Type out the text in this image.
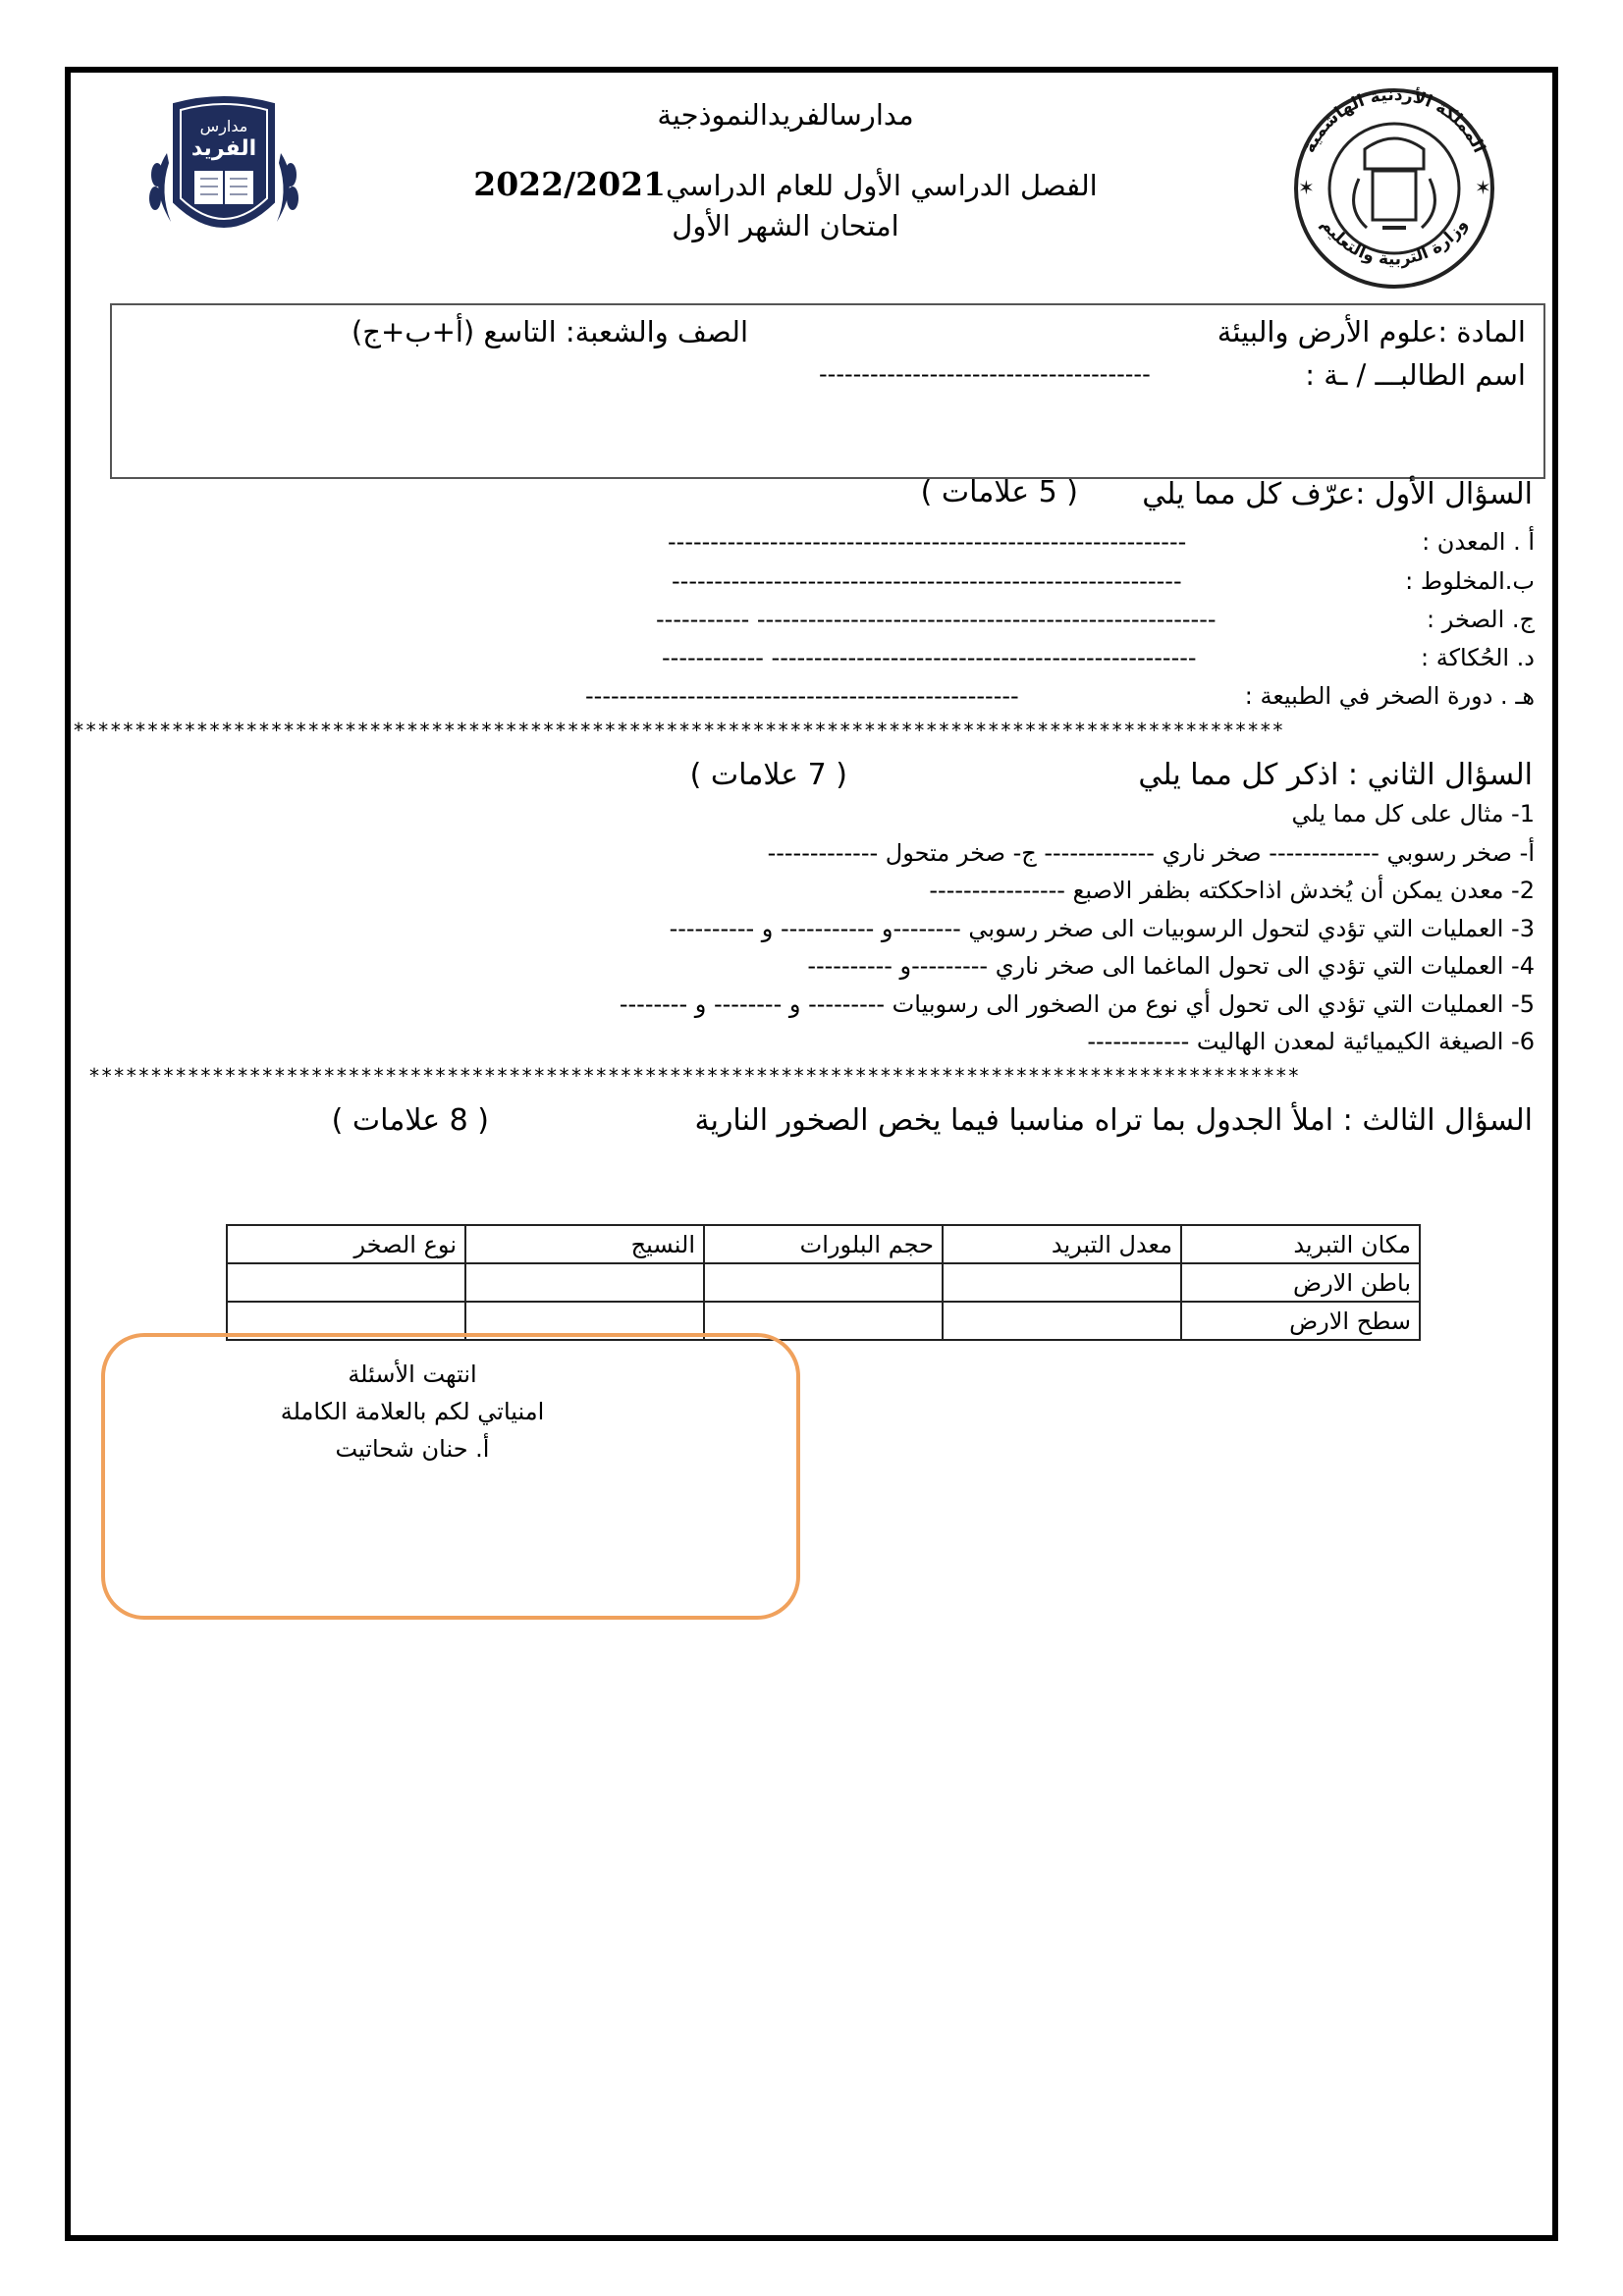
مدارس
الفريد	المملكة الأردنية الهاشمية
وزارة التربية والتعليم
✶	✶
مدارسالفريدالنموذجية
الفصل الدراسي الأول للعام الدراسي2022/2021
امتحان الشهر الأول
المادة :علوم الأرض والبيئة
الصف والشعبة: التاسع (أ+ب+ج)
اسم الطالبـــ / ـة :
---------------------------------------
السؤال الأول :عرّف كل مما يلي
( 5 علامات )
أ . المعدن :
-------------------------------------------------------------
ب.المخلوط :
------------------------------------------------------------
ج. الصخر :
----------- ------------------------------------------------------
د. الحُكاكة :
------------ --------------------------------------------------
هـ . دورة الصخر في الطبيعة :
---------------------------------------------------
**************************************************************************************************
السؤال الثاني : اذكر كل مما يلي
( 7 علامات )
1- مثال على كل مما يلي
أ- صخر رسوبي ------------- صخر ناري ------------- ج- صخر متحول -------------
2- معدن يمكن أن يُخدش اذاحككته بظفر الاصبع ----------------
3- العمليات التي تؤدي لتحول الرسوبيات الى صخر رسوبي --------و ----------- و ----------
4- العمليات التي تؤدي الى تحول الماغما الى صخر ناري ---------و ----------
5- العمليات التي تؤدي الى تحول أي نوع من الصخور الى رسوبيات --------- و -------- و --------
6- الصيغة الكيميائية لمعدن الهاليت ------------
**************************************************************************************************
السؤال الثالث : املأ الجدول بما تراه مناسبا فيما يخص الصخور النارية
( 8 علامات )
مكان التبريد	معدل التبريد	حجم البلورات	النسيج	نوع الصخر
باطن الارض				
سطح الارض				
انتهت الأسئلة
امنياتي لكم بالعلامة الكاملة
أ. حنان شحاتيت
